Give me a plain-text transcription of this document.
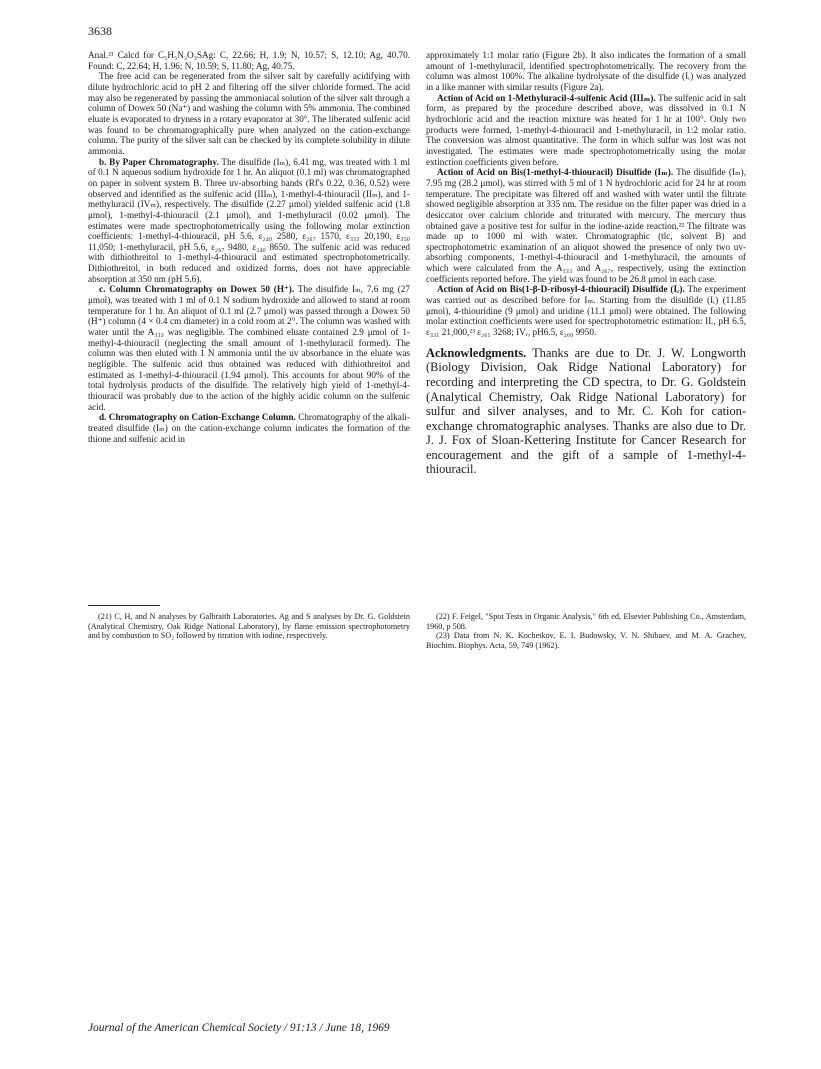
3638

Anal.²¹ Calcd for C₅H₅N₂O₃SAg: C, 22.66; H, 1.9; N, 10.57; S, 12.10; Ag, 40.70. Found: C, 22.64; H, 1.96; N, 10.59; S, 11.80; Ag, 40.75.

The free acid can be regenerated from the silver salt by carefully acidifying with dilute hydrochloric acid to pH 2 and filtering off the silver chloride formed. The acid may also be regenerated by passing the ammoniacal solution of the silver salt through a column of Dowex 50 (Na⁺) and washing the column with 5% ammonia. The combined eluate is evaporated to dryness in a rotary evaporator at 30°. The liberated sulfenic acid was found to be chromatographically pure when analyzed on the cation-exchange column. The purity of the silver salt can be checked by its complete solubility in dilute ammonia.

b. By Paper Chromatography. The disulfide (Iₘ), 6.41 mg, was treated with 1 ml of 0.1 N aqueous sodium hydroxide for 1 hr. An aliquot (0.1 ml) was chromatographed on paper in solvent system B. Three uv-absorbing bands (Rf's 0.22, 0.36, 0.52) were observed and identified as the sulfenic acid (IIIₘ), 1-methyl-4-thiouracil (IIₘ), and 1-methyluracil (IVₘ), respectively. The disulfide (2.27 μmol) yielded sulfenic acid (1.8 μmol), 1-methyl-4-thiouracil (2.1 μmol), and 1-methyluracil (0.02 μmol). The estimates were made spectrophotometrically using the following molar extinction coefficients: 1-methyl-4-thiouracil, pH 5.6, ε₂₄₀ 2580, ε₂₆₇ 1570, ε₃₃₃ 20,190, ε₃₅₀ 11,050; 1-methyluracil, pH 5.6, ε₂₆₇ 9480, ε₂₄₀ 8650. The sulfenic acid was reduced with dithiothreitol to 1-methyl-4-thiouracil and estimated spectrophotometrically. Dithiothreitol, in both reduced and oxidized forms, does not have appreciable absorption at 350 nm (pH 5.6).

c. Column Chromatography on Dowex 50 (H⁺). The disulfide Iₘ, 7.6 mg (27 μmol), was treated with 1 ml of 0.1 N sodium hydroxide and allowed to stand at room temperature for 1 hr. An aliquot of 0.1 ml (2.7 μmol) was passed through a Dowex 50 (H⁺) column (4 × 0.4 cm diameter) in a cold room at 2°. The column was washed with water until the A₃₃₃ was negligible. The combined eluate contained 2.9 μmol of 1-methyl-4-thiouracil (neglecting the small amount of 1-methyluracil formed). The column was then eluted with 1 N ammonia until the uv absorbance in the eluate was negligible. The sulfenic acid thus obtained was reduced with dithiothreitol and estimated as 1-methyl-4-thiouracil (1.94 μmol). This accounts for about 90% of the total hydrolysis products of the disulfide. The relatively high yield of 1-methyl-4-thiouracil was probably due to the action of the highly acidic column on the sulfenic acid.

d. Chromatography on Cation-Exchange Column. Chromatography of the alkali-treated disulfide (Iₘ) on the cation-exchange column indicates the formation of the thione and sulfenic acid in

approximately 1:1 molar ratio (Figure 2b). It also indicates the formation of a small amount of 1-methyluracil, identified spectrophotometrically. The recovery from the column was almost 100%. The alkaline hydrolysate of the disulfide (Iᵣ) was analyzed in a like manner with similar results (Figure 2a).

Action of Acid on 1-Methyluracil-4-sulfenic Acid (IIIₘ). The sulfenic acid in salt form, as prepared by the procedure described above, was dissolved in 0.1 N hydrochloric acid and the reaction mixture was heated for 1 hr at 100°. Only two products were formed, 1-methyl-4-thiouracil and 1-methyluracil, in 1:2 molar ratio. The conversion was almost quantitative. The form in which sulfur was lost was not investigated. The estimates were made spectrophotometrically using the molar extinction coefficients given before.

Action of Acid on Bis(1-methyl-4-thiouracil) Disulfide (Iₘ). The disulfide (Iₘ), 7.95 mg (28.2 μmol), was stirred with 5 ml of 1 N hydrochloric acid for 24 hr at room temperature. The precipitate was filtered off and washed with water until the filtrate showed negligible absorption at 335 nm. The residue on the filter paper was dried in a desiccator over calcium chloride and triturated with mercury. The mercury thus obtained gave a positive test for sulfur in the iodine-azide reaction.²² The filtrate was made up to 1000 ml with water. Chromatographic (tlc, solvent B) and spectrophotometric examination of an aliquot showed the presence of only two uv-absorbing components, 1-methyl-4-thiouracil and 1-methyluracil, the amounts of which were calculated from the A₃₃₃ and A₂₆₇, respectively, using the extinction coefficients reported before. The yield was found to be 26.8 μmol in each case.

Action of Acid on Bis(1-β-D-ribosyl-4-thiouracil) Disulfide (Iᵣ). The experiment was carried out as described before for Iₘ. Starting from the disulfide (Iᵣ) (11.85 μmol), 4-thiouridine (9 μmol) and uridine (11.1 μmol) were obtained. The following molar extinction coefficients were used for spectrophotometric estimation: IIᵣ, pH 6.5, ε₃₃₁ 21,000,²³ ε₂₆₁ 3268; IVᵣ, pH6.5, ε₂₆₀ 9950.

Acknowledgments. Thanks are due to Dr. J. W. Longworth (Biology Division, Oak Ridge National Laboratory) for recording and interpreting the CD spectra, to Dr. G. Goldstein (Analytical Chemistry, Oak Ridge National Laboratory) for sulfur and silver analyses, and to Mr. C. Koh for cation-exchange chromatographic analyses. Thanks are also due to Dr. J. J. Fox of Sloan-Kettering Institute for Cancer Research for encouragement and the gift of a sample of 1-methyl-4-thiouracil.

(21) C, H, and N analyses by Galbraith Laboratories. Ag and S analyses by Dr. G. Goldstein (Analytical Chemistry, Oak Ridge National Laboratory), by flame emission spectrophotometry and by combustion to SO₂ followed by titration with iodine, respectively.

(22) F. Feigel, "Spot Tests in Organic Analysis," 6th ed, Elsevier Publishing Co., Amsterdam, 1960, p 508.

(23) Data from N. K. Kochetkov, E. I. Budowsky, V. N. Shibaev, and M. A. Grachev, Biochim. Biophys. Acta, 59, 749 (1962).

Journal of the American Chemical Society / 91:13 / June 18, 1969
